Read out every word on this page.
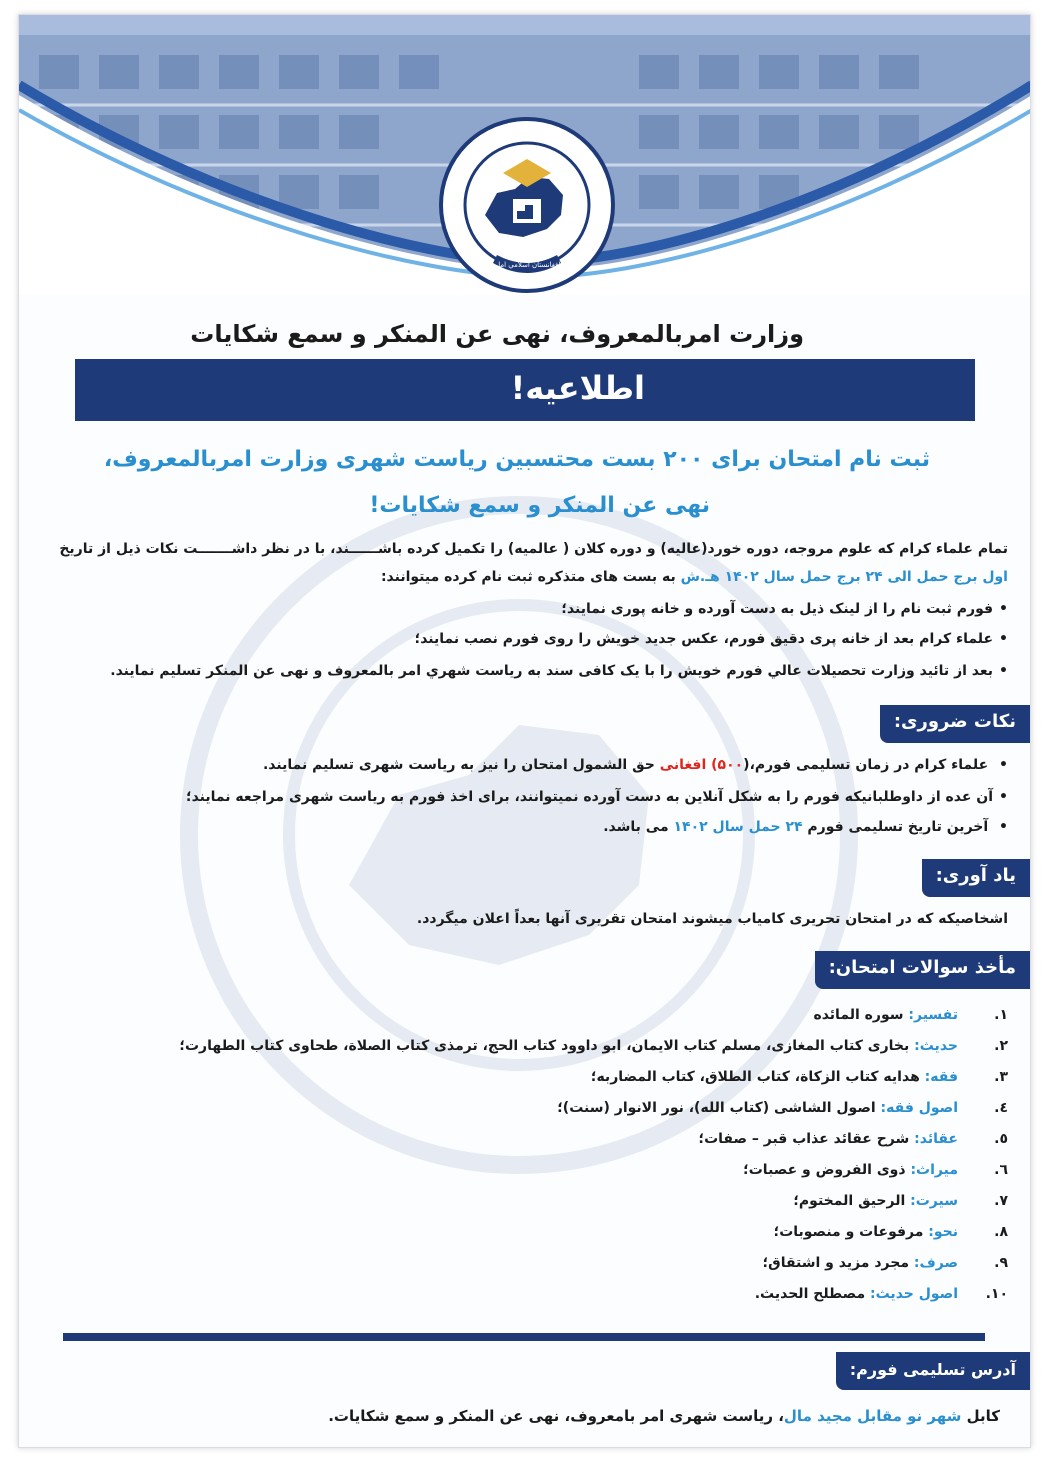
د افغانستان اسلامي امارت
وزارت امربالمعروف، نهی عن المنکر و سمع شکایات
اطلاعیه!
ثبت نام امتحان برای ۲۰۰ بست محتسبین ریاست شهری وزارت امربالمعروف،
نهی عن المنکر و سمع شکایات!
تمام علماء کرام که علوم مروجه، دوره خورد(عالیه) و دوره کلان ( عالمیه) را تکمیل کرده باشــــــند، با در نظر داشـــــــت نکات ذیل از تاریخ
اول برج حمل الی ۲۴ برج حمل سال ۱۴۰۲ هـ.ش به بست های متذکره ثبت نام کرده میتوانند:
• فورم ثبت نام را از لینک ذیل به دست آورده و خانه پوری نمایند؛
• علماء کرام بعد از خانه پری دقیق فورم، عکس جدید خویش را روی فورم نصب نمایند؛
• بعد از تائید وزارت تحصیلات عالي فورم خویش را با یک کافی سند به ریاست شهري امر بالمعروف و نهی عن المنکر تسلیم نمایند.
نکات ضروری:
• علماء کرام در زمان تسلیمی فورم،(۵۰۰) افغانی حق الشمول امتحان را نیز به ریاست شهری تسلیم نمایند.
• آن عده از داوطلبانیکه فورم را به شکل آنلاین به دست آورده نمیتوانند، برای اخذ فورم به ریاست شهری مراجعه نمایند؛
• آخرین تاریخ تسلیمی فورم ۲۴ حمل سال ۱۴۰۲ می باشد.
یاد آوری:
اشخاصیکه که در امتحان تحریری کامیاب میشوند امتحان تقریری آنها بعداً اعلان میگردد.
مأخذ سوالات امتحان:
۱.تفسیر: سوره المائده
۲.حدیث: بخاری کتاب المغازی، مسلم کتاب الایمان، ابو داوود کتاب الحج، ترمذی کتاب الصلاة، طحاوی کتاب الطهارت؛
۳.فقه: هدایه کتاب الزکاة، کتاب الطلاق، کتاب المضاربه؛
٤.اصول فقه: اصول الشاشی (کتاب الله)، نور الانوار (سنت)؛
٥.عقائد: شرح عقائد عذاب قبر – صفات؛
٦.میراث: ذوی الفروض و عصبات؛
٧.سیرت: الرحیق المختوم؛
٨.نحو: مرفوعات و منصوبات؛
٩.صرف: مجرد مزید و اشتقاق؛
١٠.اصول حدیث: مصطلح الحدیث.
آدرس تسلیمی فورم:
کابل شهر نو مقابل مجید مال، ریاست شهری امر بامعروف، نهی عن المنکر و سمع شکایات.
